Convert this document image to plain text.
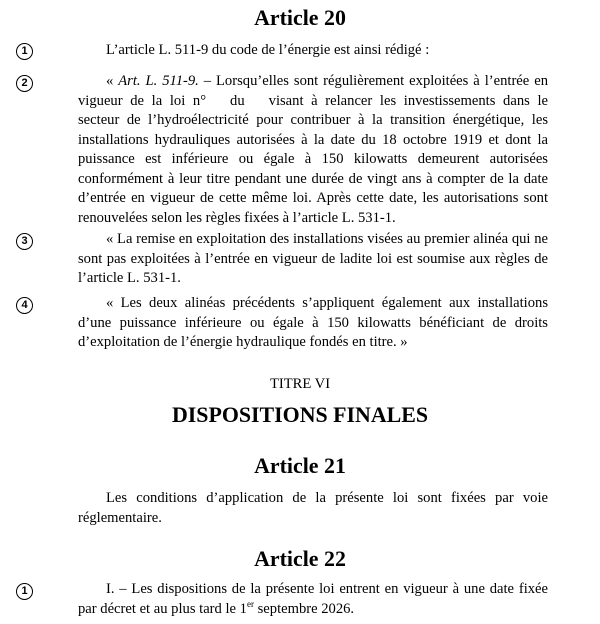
Article 20
1	L’article L. 511-9 du code de l’énergie est ainsi rédigé :

2	« Art. L. 511-9. – Lorsqu’elles sont régulièrement exploitées à l’entrée en vigueur de la loi n° du visant à relancer les investissements dans le secteur de l’hydroélectricité pour contribuer à la transition énergétique, les installations hydrauliques autorisées à la date du 18 octobre 1919 et dont la puissance est inférieure ou égale à 150 kilowatts demeurent autorisées conformément à leur titre pendant une durée de vingt ans à compter de la date d’entrée en vigueur de cette même loi. Après cette date, les autorisations sont renouvelées selon les règles fixées à l’article L. 531-1.

3	« La remise en exploitation des installations visées au premier alinéa qui ne sont pas exploitées à l’entrée en vigueur de ladite loi est soumise aux règles de l’article L. 531-1.

4	« Les deux alinéas précédents s’appliquent également aux installations d’une puissance inférieure ou égale à 150 kilowatts bénéficiant de droits d’exploitation de l’énergie hydraulique fondés en titre. »

TITRE VI

DISPOSITIONS FINALES
Article 21

Les conditions d’application de la présente loi sont fixées par voie réglementaire.

Article 22
1	I. – Les dispositions de la présente loi entrent en vigueur à une date fixée par décret et au plus tard le 1er septembre 2026.
